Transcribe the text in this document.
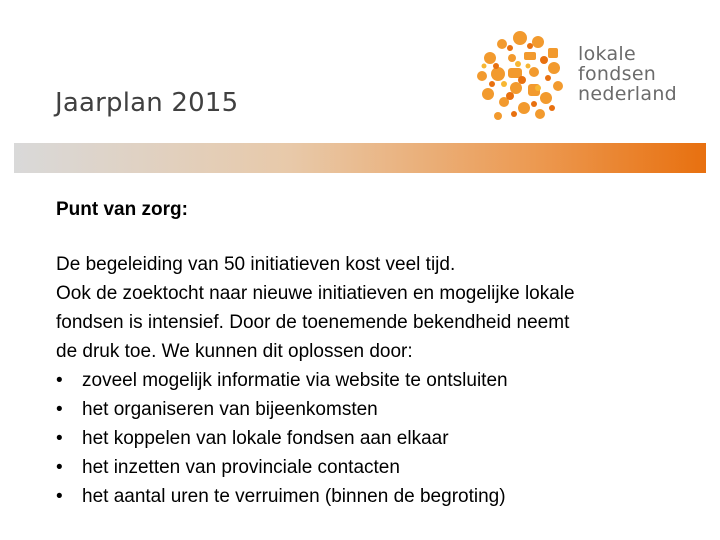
Jaarplan 2015
lokale
fondsen
nederland
Punt van zorg:
De begeleiding van 50 initiatieven kost veel tijd.
Ook de zoektocht naar nieuwe initiatieven en mogelijke lokale
fondsen is intensief. Door de toenemende bekendheid neemt
de druk toe. We kunnen dit oplossen door:
• zoveel mogelijk informatie via website te ontsluiten
• het organiseren van bijeenkomsten
• het koppelen van lokale fondsen aan elkaar
• het inzetten van provinciale contacten
• het aantal uren te verruimen (binnen de begroting)
